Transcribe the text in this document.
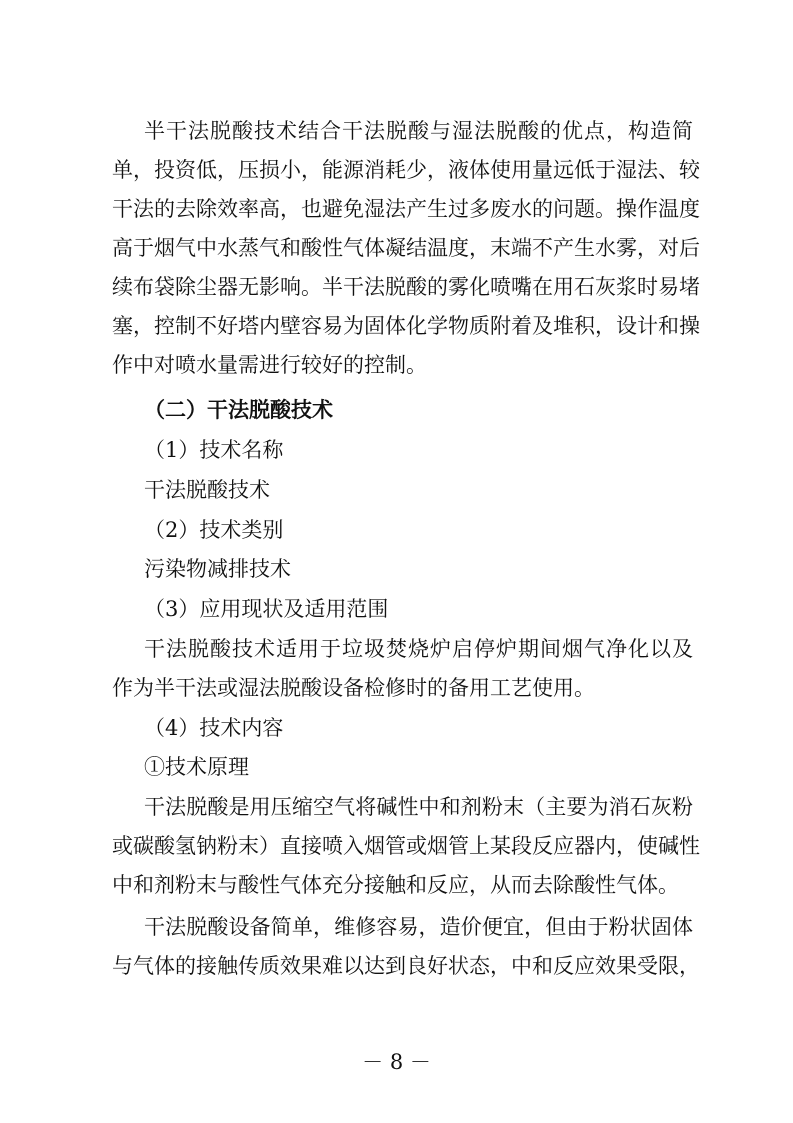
半干法脱酸技术结合干法脱酸与湿法脱酸的优点，构造简
单，投资低，压损小，能源消耗少，液体使用量远低于湿法、较
干法的去除效率高，也避免湿法产生过多废水的问题。操作温度
高于烟气中水蒸气和酸性气体凝结温度，末端不产生水雾，对后
续布袋除尘器无影响。半干法脱酸的雾化喷嘴在用石灰浆时易堵
塞，控制不好塔内壁容易为固体化学物质附着及堆积，设计和操
作中对喷水量需进行较好的控制。
（二）干法脱酸技术
（1）技术名称
干法脱酸技术
（2）技术类别
污染物减排技术
（3）应用现状及适用范围
干法脱酸技术适用于垃圾焚烧炉启停炉期间烟气净化以及
作为半干法或湿法脱酸设备检修时的备用工艺使用。
（4）技术内容
①技术原理
干法脱酸是用压缩空气将碱性中和剂粉末（主要为消石灰粉
或碳酸氢钠粉末）直接喷入烟管或烟管上某段反应器内，使碱性
中和剂粉末与酸性气体充分接触和反应，从而去除酸性气体。
干法脱酸设备简单，维修容易，造价便宜，但由于粉状固体
与气体的接触传质效果难以达到良好状态，中和反应效果受限，
－ 8 －
